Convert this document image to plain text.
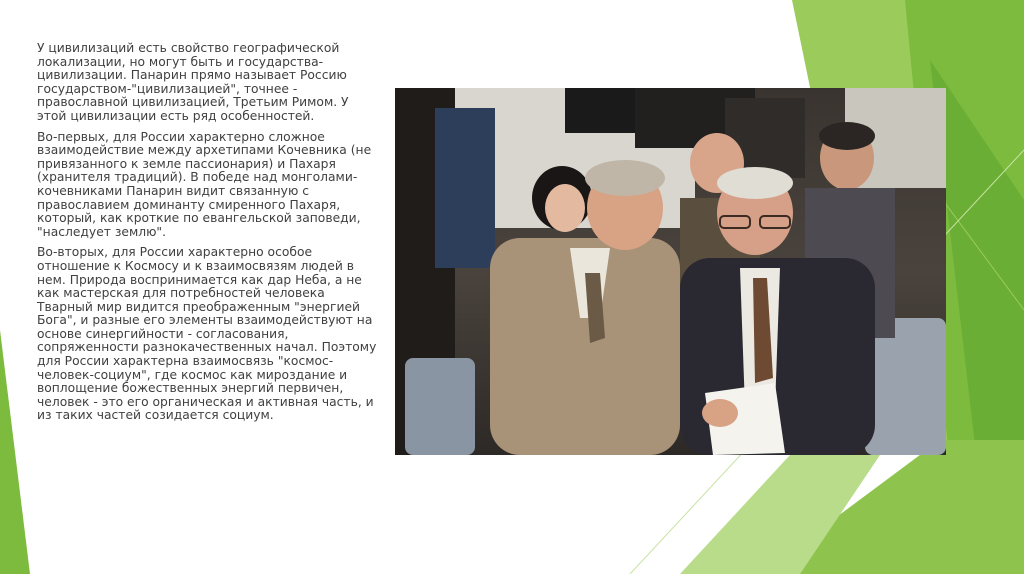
У цивилизаций есть свойство географической локализации, но могут быть и государства-цивилизации. Панарин прямо называет Россию государством-"цивилизацией", точнее - православной цивилизацией, Третьим Римом. У этой цивилизации есть ряд особенностей.

Во-первых, для России характерно сложное взаимодействие между архетипами Кочевника (не привязанного к земле пассионария) и Пахаря (хранителя традиций). В победе над монголами-кочевниками Панарин видит связанную с православием доминанту смиренного Пахаря, который, как кроткие по евангельской заповеди, "наследует землю".

Во-вторых, для России характерно особое отношение к Космосу и к взаимосвязям людей в нем. Природа воспринимается как дар Неба, а не как мастерская для потребностей человека Тварный мир видится преображенным "энергией Бога", и разные его элементы взаимодействуют на основе синергийности - согласования, сопряженности разнокачественных начал. Поэтому для России характерна взаимосвязь "космос-человек-социум", где космос как мироздание и воплощение божественных энергий первичен, человек - это его органическая и активная часть, и из таких частей созидается социум.
